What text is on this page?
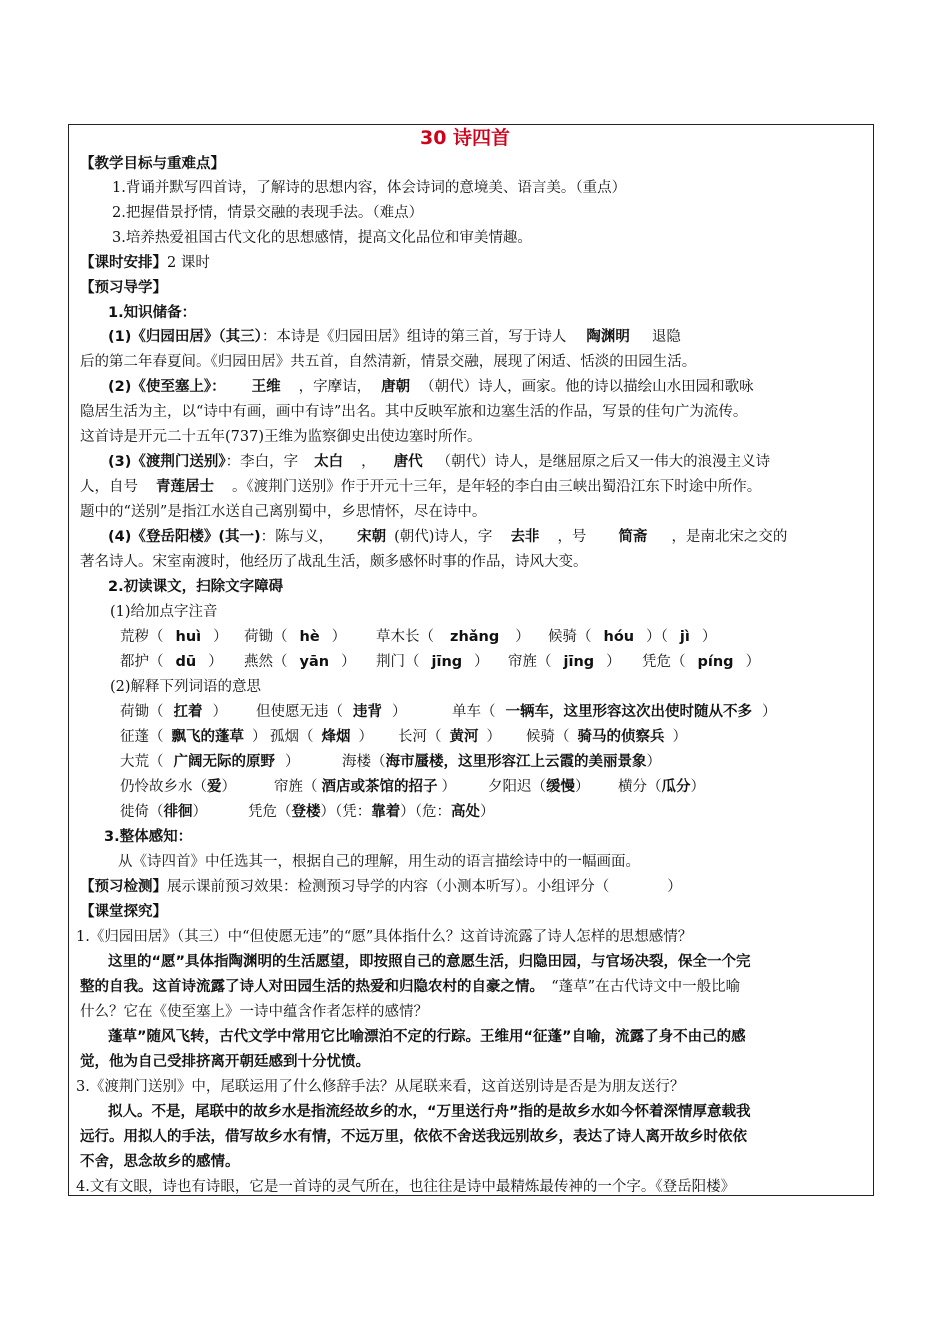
30 诗四首
【教学目标与重难点】
1.背诵并默写四首诗，了解诗的思想内容，体会诗词的意境美、语言美。（重点）
2.把握借景抒情，情景交融的表现手法。（难点）
3.培养热爱祖国古代文化的思想感情，提高文化品位和审美情趣。
【课时安排】2 课时
【预习导学】
1.知识储备：
(1)《归园田居》（其三）：本诗是《归园田居》组诗的第三首，写于诗人 陶渊明 退隐
后的第二年春夏间。《归园田居》共五首，自然清新，情景交融，展现了闲适、恬淡的田园生活。
(2)《使至塞上》： 王维 ，字摩诘， 唐朝 （朝代）诗人，画家。他的诗以描绘山水田园和歌咏
隐居生活为主，以“诗中有画，画中有诗”出名。其中反映军旅和边塞生活的作品，写景的佳句广为流传。
这首诗是开元二十五年(737)王维为监察御史出使边塞时所作。
(3)《渡荆门送别》：李白，字 太白 ， 唐代 （朝代）诗人，是继屈原之后又一伟大的浪漫主义诗
人，自号 青莲居士 。《渡荆门送别》作于开元十三年，是年轻的李白由三峡出蜀沿江东下时途中所作。
题中的“送别”是指江水送自己离别蜀中，乡思情怀，尽在诗中。
(4)《登岳阳楼》(其一)：陈与义， 宋朝 (朝代)诗人，字 去非 ，号 简斋 ，是南北宋之交的
著名诗人。宋室南渡时，他经历了战乱生活，颇多感怀时事的作品，诗风大变。
2.初读课文，扫除文字障碍
(1)给加点字注音
荒秽（ huì ） 荷锄（ hè ） 草木长（ zhǎng ） 候骑（ hóu ）（ jì ）
都护（ dū ） 燕然（ yān ） 荆门（ jīng ） 帘旌（ jīng ） 凭危（ píng ）
(2)解释下列词语的意思
荷锄（ 扛着 ） 但使愿无违（ 违背 ）	单车（ 一辆车，这里形容这次出使时随从不多 ）
征蓬（ 飘飞的蓬草 ） 孤烟（ 烽烟 ） 长河（ 黄河 ） 候骑（ 骑马的侦察兵 ）
大荒（ 广阔无际的原野 ）	海楼（海市蜃楼，这里形容江上云霞的美丽景象）
仍怜故乡水（爱）	帘旌（ 酒店或茶馆的招子 ） 夕阳迟（缓慢） 横分（瓜分）
徙倚（徘徊）	凭危（登楼）（凭：靠着）（危：高处）
3.整体感知：
从《诗四首》中任选其一，根据自己的理解，用生动的语言描绘诗中的一幅画面。
【预习检测】展示课前预习效果：检测预习导学的内容（小测本听写）。小组评分（　　　　）
【课堂探究】
1.《归园田居》（其三）中“但使愿无违”的“愿”具体指什么？这首诗流露了诗人怎样的思想感情？
这里的“愿”具体指陶渊明的生活愿望，即按照自己的意愿生活，归隐田园，与官场决裂，保全一个完
整的自我。这首诗流露了诗人对田园生活的热爱和归隐农村的自豪之情。　“蓬草”在古代诗文中一般比喻
什么？它在《使至塞上》一诗中蕴含作者怎样的感情？
蓬草”随风飞转，古代文学中常用它比喻漂泊不定的行踪。王维用“征蓬”自喻，流露了身不由己的感
觉，他为自己受排挤离开朝廷感到十分忧愤。
3.《渡荆门送别》中，尾联运用了什么修辞手法？从尾联来看，这首送别诗是否是为朋友送行？
拟人。不是，尾联中的故乡水是指流经故乡的水，“万里送行舟”指的是故乡水如今怀着深情厚意载我
远行。用拟人的手法，借写故乡水有情，不远万里，依依不舍送我远别故乡，表达了诗人离开故乡时依依
不舍，思念故乡的感情。
4.文有文眼，诗也有诗眼，它是一首诗的灵气所在，也往往是诗中最精炼最传神的一个字。《登岳阳楼》
